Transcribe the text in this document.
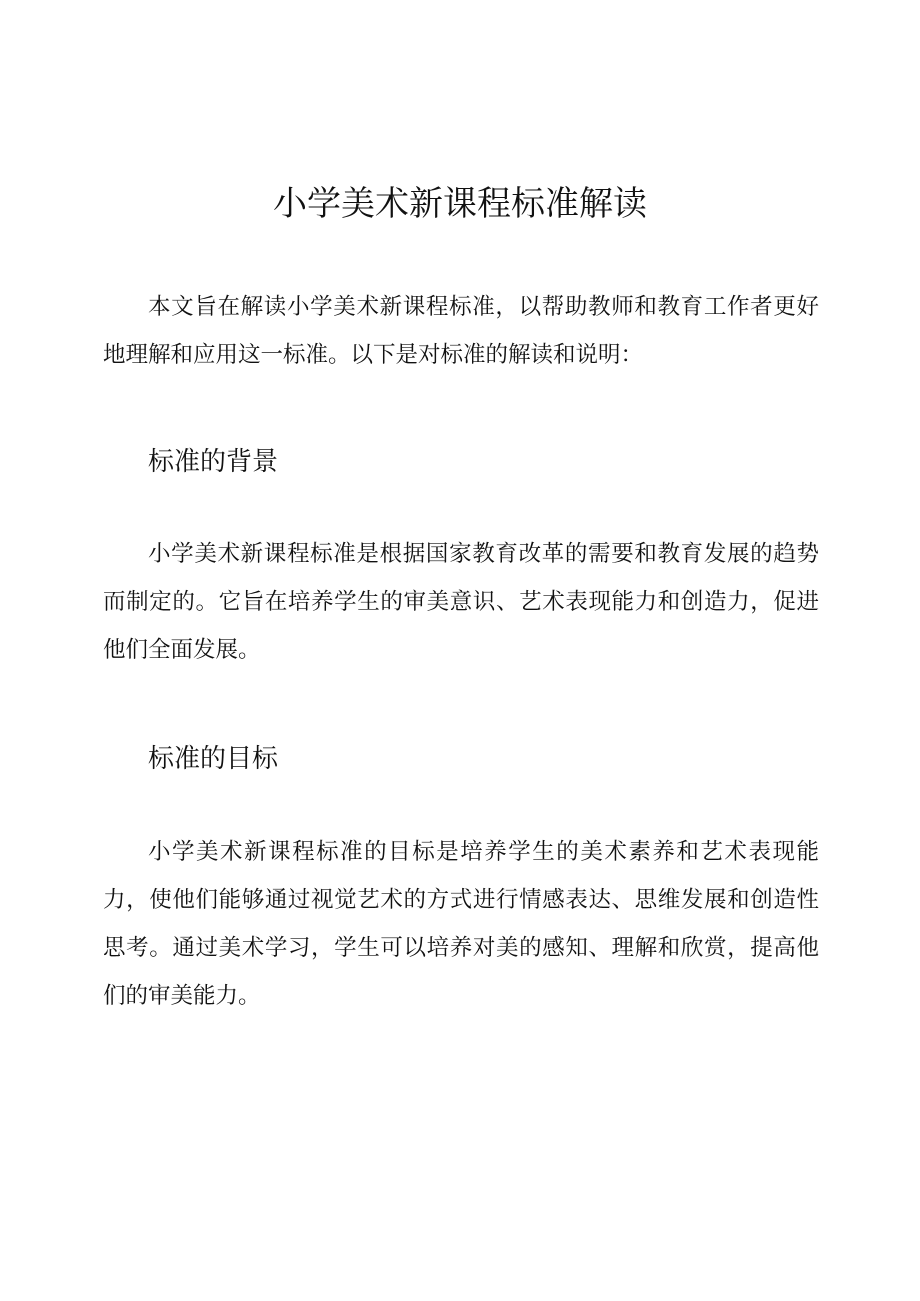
小学美术新课程标准解读

本文旨在解读小学美术新课程标准，以帮助教师和教育工作者更好地理解和应用这一标准。以下是对标准的解读和说明：

标准的背景

小学美术新课程标准是根据国家教育改革的需要和教育发展的趋势而制定的。它旨在培养学生的审美意识、艺术表现能力和创造力，促进他们全面发展。

标准的目标

小学美术新课程标准的目标是培养学生的美术素养和艺术表现能力，使他们能够通过视觉艺术的方式进行情感表达、思维发展和创造性思考。通过美术学习，学生可以培养对美的感知、理解和欣赏，提高他们的审美能力。
